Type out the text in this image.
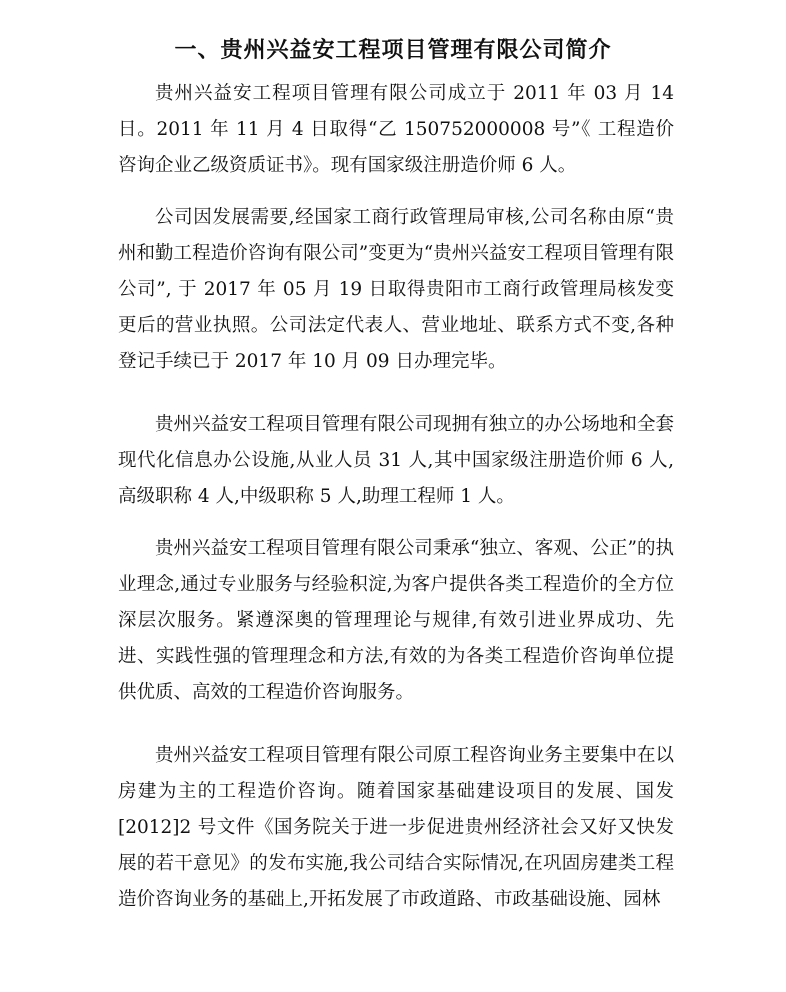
一、贵州兴益安工程项目管理有限公司简介
贵州兴益安工程项目管理有限公司成立于 2011 年 03 月 14 日。2011 年 11 月 4 日取得“乙 150752000008 号”《 工程造价咨询企业乙级资质证书》。现有国家级注册造价师 6 人。
公司因发展需要,经国家工商行政管理局审核,公司名称由原“贵州和勤工程造价咨询有限公司”变更为“贵州兴益安工程项目管理有限公司”, 于 2017 年 05 月 19 日取得贵阳市工商行政管理局核发变更后的营业执照。公司法定代表人、营业地址、联系方式不变,各种登记手续已于 2017 年 10 月 09 日办理完毕。
贵州兴益安工程项目管理有限公司现拥有独立的办公场地和全套现代化信息办公设施,从业人员 31 人,其中国家级注册造价师 6 人,高级职称 4 人,中级职称 5 人,助理工程师 1 人。
贵州兴益安工程项目管理有限公司秉承“独立、客观、公正”的执业理念,通过专业服务与经验积淀,为客户提供各类工程造价的全方位深层次服务。紧遵深奥的管理理论与规律,有效引进业界成功、先进、实践性强的管理理念和方法,有效的为各类工程造价咨询单位提供优质、高效的工程造价咨询服务。
贵州兴益安工程项目管理有限公司原工程咨询业务主要集中在以房建为主的工程造价咨询。随着国家基础建设项目的发展、国发[2012]2 号文件《国务院关于进一步促进贵州经济社会又好又快发展的若干意见》的发布实施,我公司结合实际情况,在巩固房建类工程造价咨询业务的基础上,开拓发展了市政道路、市政基础设施、园林
